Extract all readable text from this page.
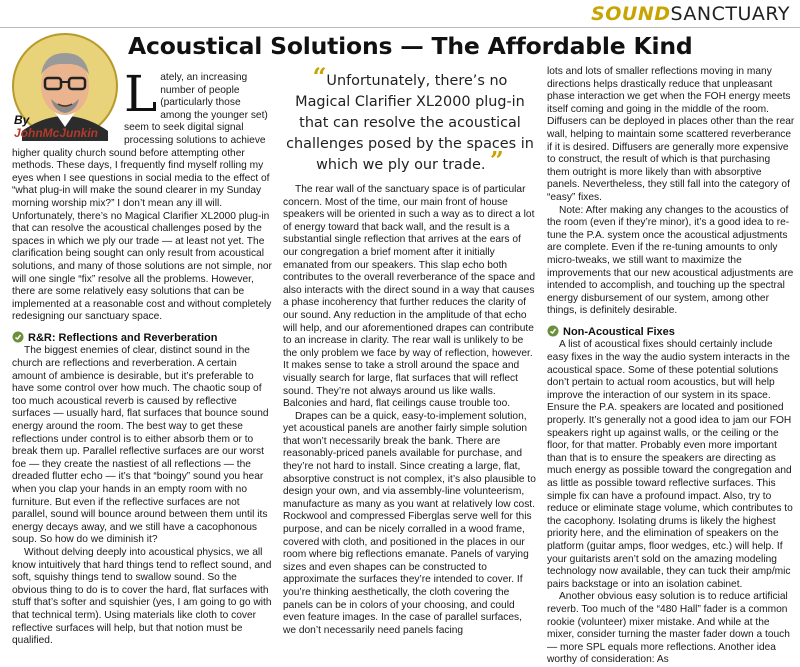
SOUNDSANCTUARY
By
JohnMcJunkin
Acoustical Solutions — The Affordable Kind

Lately, an increasing number of people (particularly those among the younger set) seem to seek digital signal processing solutions to achieve higher quality church sound before attempting other methods. These days, I frequently find myself rolling my eyes when I see questions in social media to the effect of “what plug-in will make the sound clearer in my Sunday morning worship mix?” I don’t mean any ill will. Unfortunately, there’s no Magical Clarifier XL2000 plug-in that can resolve the acoustical challenges posed by the spaces in which we ply our trade — at least not yet. The clarification being sought can only result from acoustical solutions, and many of those solutions are not simple, nor will one single “fix” resolve all the problems. However, there are some relatively easy solutions that can be implemented at a reasonable cost and without completely redesigning our sanctuary space.

R&R: Reflections and Reverberation

The biggest enemies of clear, distinct sound in the church are reflections and reverberation. A certain amount of ambience is desirable, but it’s preferable to have some control over how much. The chaotic soup of too much acoustical reverb is caused by reflective surfaces — usually hard, flat surfaces that bounce sound energy around the room. The best way to get these reflections under control is to either absorb them or to break them up. Parallel reflective surfaces are our worst foe — they create the nastiest of all reflections — the dreaded flutter echo — it’s that “boingy” sound you hear when you clap your hands in an empty room with no furniture. But even if the reflective surfaces are not parallel, sound will bounce around between them until its energy decays away, and we still have a cacophonous soup. So how do we diminish it?

Without delving deeply into acoustical physics, we all know intuitively that hard things tend to reflect sound, and soft, squishy things tend to swallow sound. So the obvious thing to do is to cover the hard, flat surfaces with stuff that’s softer and squishier (yes, I am going to go with that technical term). Using materials like cloth to cover reflective surfaces will help, but that notion must be qualified.

“Unfortunately, there’s no Magical Clarifier XL2000 plug-in that can resolve the acoustical challenges posed by the spaces in which we ply our trade. ”

The rear wall of the sanctuary space is of particular concern. Most of the time, our main front of house speakers will be oriented in such a way as to direct a lot of energy toward that back wall, and the result is a substantial single reflection that arrives at the ears of our congregation a brief moment after it initially emanated from our speakers. This slap echo both contributes to the overall reverberance of the space and also interacts with the direct sound in a way that causes a phase incoherency that further reduces the clarity of our sound. Any reduction in the amplitude of that echo will help, and our aforementioned drapes can contribute to an increase in clarity. The rear wall is unlikely to be the only problem we face by way of reflection, however. It makes sense to take a stroll around the space and visually search for large, flat surfaces that will reflect sound. They’re not always around us like walls. Balconies and hard, flat ceilings cause trouble too.

Drapes can be a quick, easy-to-implement solution, yet acoustical panels are another fairly simple solution that won’t necessarily break the bank. There are reasonably-priced panels available for purchase, and they’re not hard to install. Since creating a large, flat, absorptive construct is not complex, it’s also plausible to design your own, and via assembly-line volunteerism, manufacture as many as you want at relatively low cost. Rockwool and compressed Fiberglas serve well for this purpose, and can be nicely corralled in a wood frame, covered with cloth, and positioned in the places in our room where big reflections emanate. Panels of varying sizes and even shapes can be constructed to approximate the surfaces they’re intended to cover. If you’re thinking aesthetically, the cloth covering the panels can be in colors of your choosing, and could even feature images. In the case of parallel surfaces, we don’t necessarily need panels facing

lots and lots of smaller reflections moving in many directions helps drastically reduce that unpleasant phase interaction we get when the FOH energy meets itself coming and going in the middle of the room. Diffusers can be deployed in places other than the rear wall, helping to maintain some scattered reverberance if it is desired. Diffusers are generally more expensive to construct, the result of which is that purchasing them outright is more likely than with absorptive panels. Nevertheless, they still fall into the category of “easy” fixes.

Note: After making any changes to the acoustics of the room (even if they’re minor), it’s a good idea to re-tune the P.A. system once the acoustical adjustments are complete. Even if the re-tuning amounts to only micro-tweaks, we still want to maximize the improvements that our new acoustical adjustments are intended to accomplish, and touching up the spectral energy disbursement of our system, among other things, is definitely desirable.

Non-Acoustical Fixes

A list of acoustical fixes should certainly include easy fixes in the way the audio system interacts in the acoustical space. Some of these potential solutions don’t pertain to actual room acoustics, but will help improve the interaction of our system in its space. Ensure the P.A. speakers are located and positioned properly. It’s generally not a good idea to jam our FOH speakers right up against walls, or the ceiling or the floor, for that matter. Probably even more important than that is to ensure the speakers are directing as much energy as possible toward the congregation and as little as possible toward reflective surfaces. This simple fix can have a profound impact. Also, try to reduce or eliminate stage volume, which contributes to the cacophony. Isolating drums is likely the highest priority here, and the elimination of speakers on the platform (guitar amps, floor wedges, etc.) will help. If your guitarists aren’t sold on the amazing modeling technology now available, they can tuck their amp/mic pairs backstage or into an isolation cabinet.

Another obvious easy solution is to reduce artificial reverb. Too much of the “480 Hall” fader is a common rookie (volunteer) mixer mistake. And while at the mixer, consider turning the master fader down a touch — more SPL equals more reflections. Another idea worthy of consideration: As
